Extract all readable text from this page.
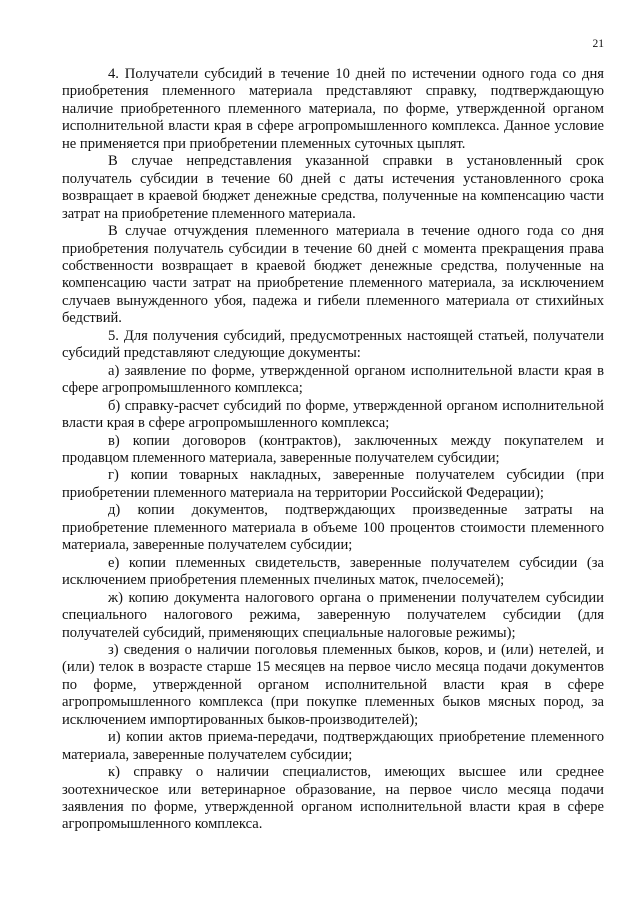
21

4. Получатели субсидий в течение 10 дней по истечении одного года со дня приобретения племенного материала представляют справку, подтверждающую наличие приобретенного племенного материала, по форме, утвержденной органом исполнительной власти края в сфере агропромышленного комплекса. Данное условие не применяется при приобретении племенных суточных цыплят.

В случае непредставления указанной справки в установленный срок получатель субсидии в течение 60 дней с даты истечения установленного срока возвращает в краевой бюджет денежные средства, полученные на компенсацию части затрат на приобретение племенного материала.

В случае отчуждения племенного материала в течение одного года со дня приобретения получатель субсидии в течение 60 дней с момента прекращения права собственности возвращает в краевой бюджет денежные средства, полученные на компенсацию части затрат на приобретение племенного материала, за исключением случаев вынужденного убоя, падежа и гибели племенного материала от стихийных бедствий.

5. Для получения субсидий, предусмотренных настоящей статьей, получатели субсидий представляют следующие документы:

а) заявление по форме, утвержденной органом исполнительной власти края в сфере агропромышленного комплекса;

б) справку-расчет субсидий по форме, утвержденной органом исполнительной власти края в сфере агропромышленного комплекса;

в) копии договоров (контрактов), заключенных между покупателем и продавцом племенного материала, заверенные получателем субсидии;

г) копии товарных накладных, заверенные получателем субсидии (при приобретении племенного материала на территории Российской Федерации);

д) копии документов, подтверждающих произведенные затраты на приобретение племенного материала в объеме 100 процентов стоимости племенного материала, заверенные получателем субсидии;

е) копии племенных свидетельств, заверенные получателем субсидии (за исключением приобретения племенных пчелиных маток, пчелосемей);

ж) копию документа налогового органа о применении получателем субсидии специального налогового режима, заверенную получателем субсидии (для получателей субсидий, применяющих специальные налоговые режимы);

з) сведения о наличии поголовья племенных быков, коров, и (или) нетелей, и (или) телок в возрасте старше 15 месяцев на первое число месяца подачи документов по форме, утвержденной органом исполнительной власти края в сфере агропромышленного комплекса (при покупке племенных быков мясных пород, за исключением импортированных быков-производителей);

и) копии актов приема-передачи, подтверждающих приобретение племенного материала, заверенные получателем субсидии;

к) справку о наличии специалистов, имеющих высшее или среднее зоотехническое или ветеринарное образование, на первое число месяца подачи заявления по форме, утвержденной органом исполнительной власти края в сфере агропромышленного комплекса.
